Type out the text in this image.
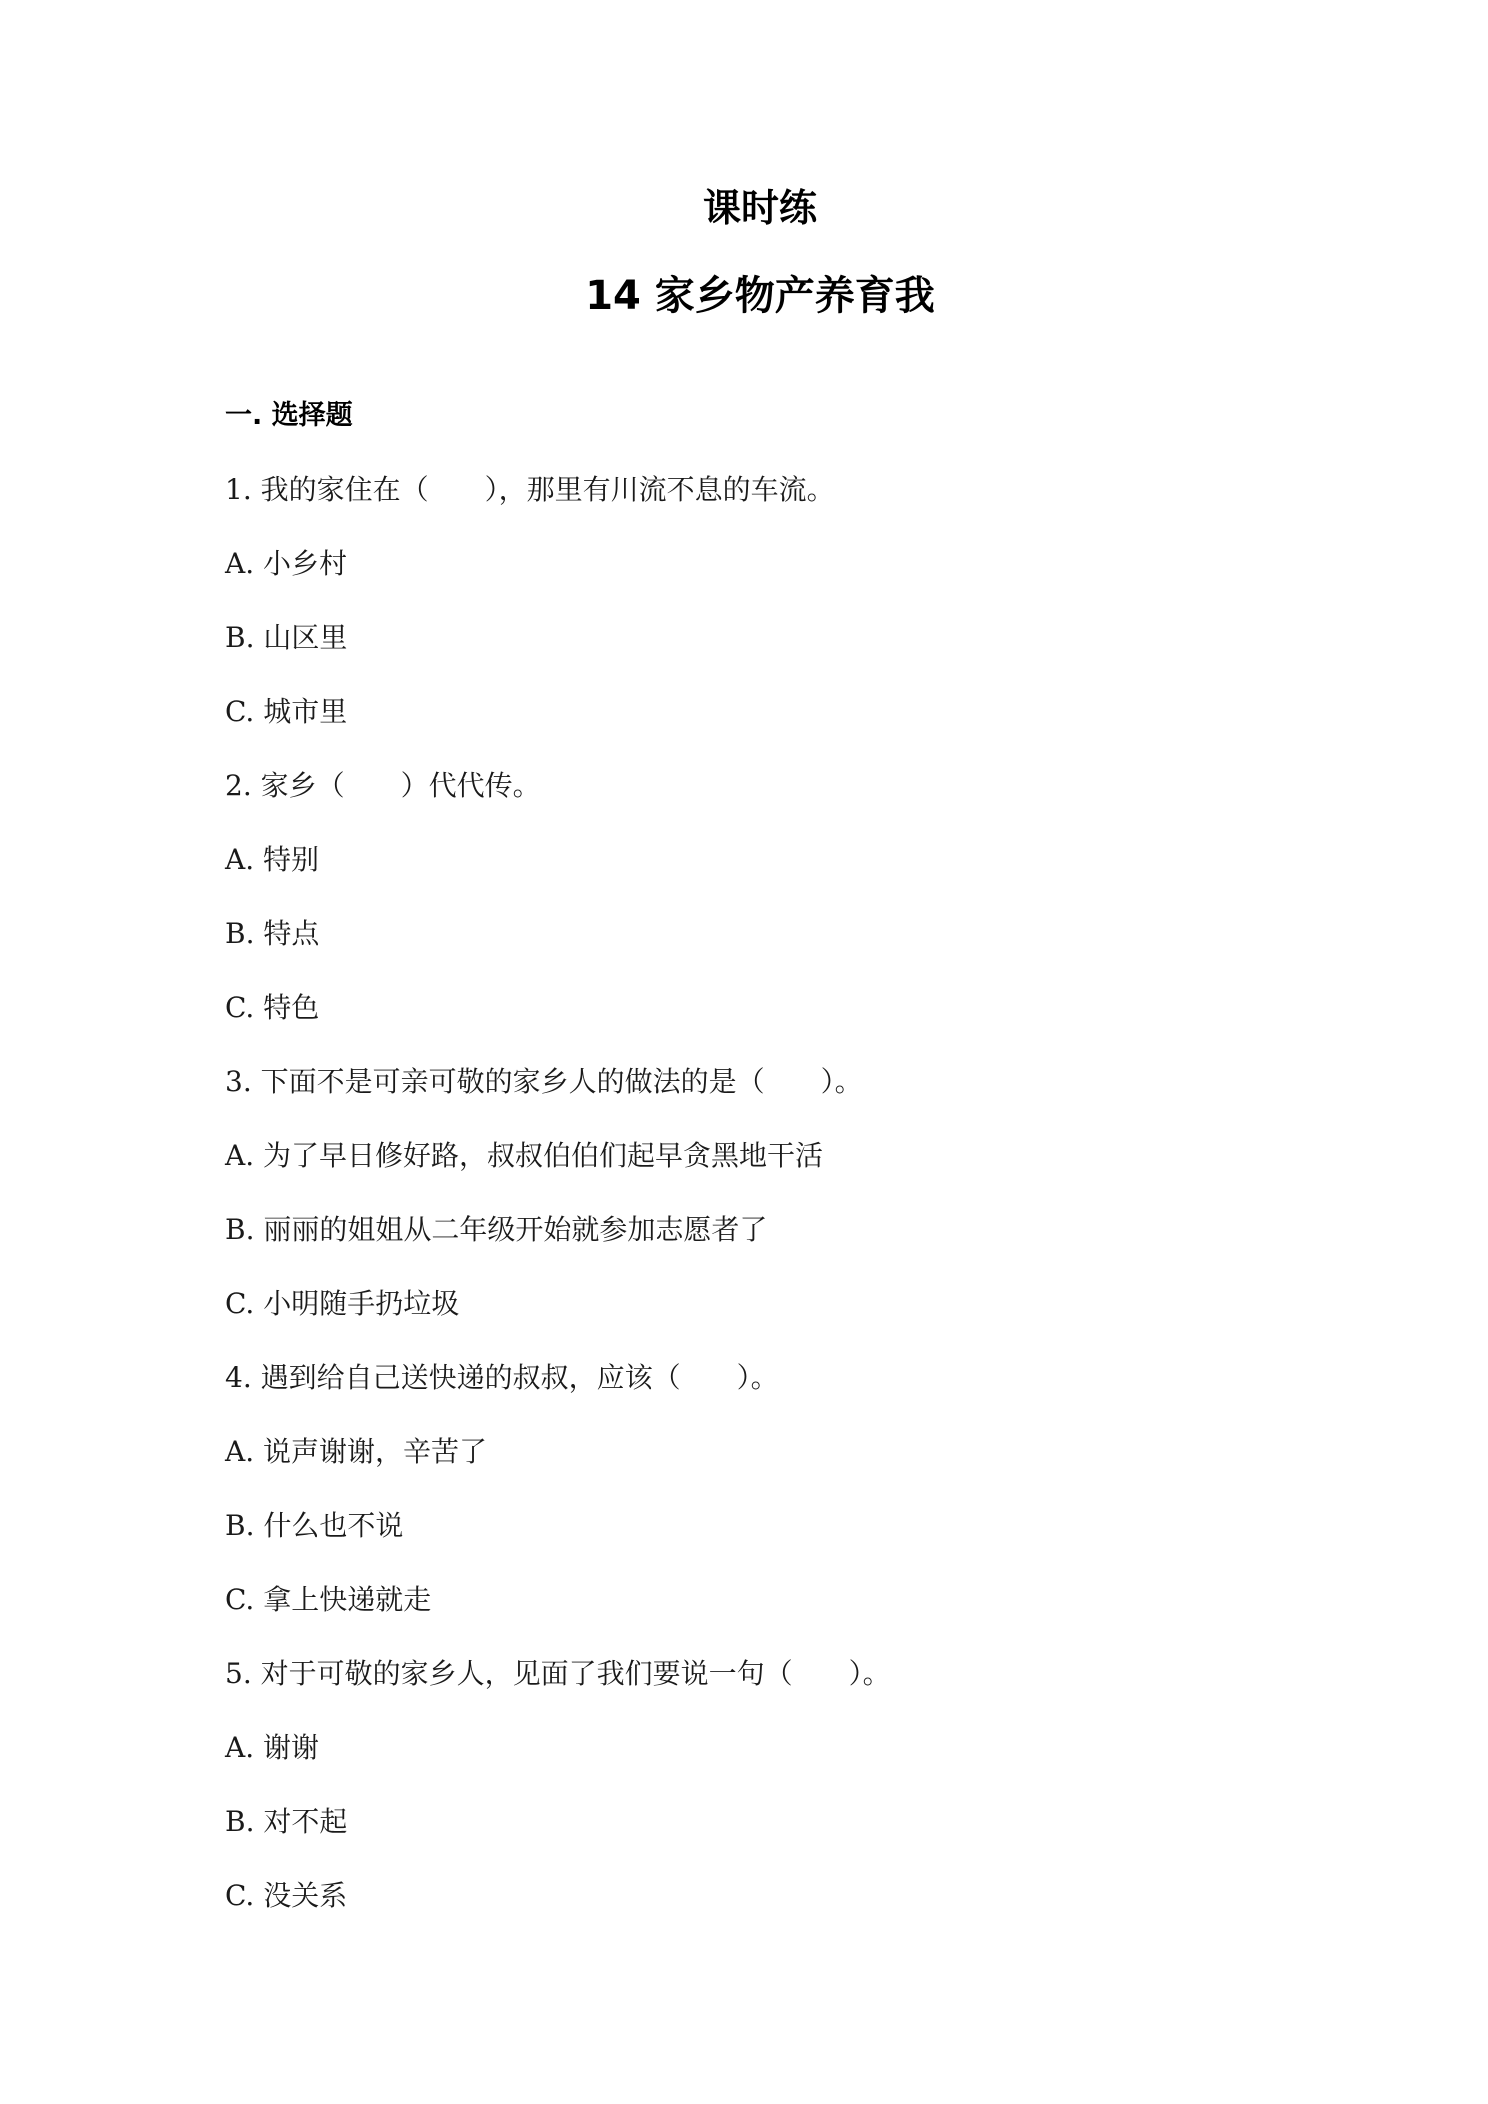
课时练
14 家乡物产养育我
一. 选择题
1. 我的家住在（　　），那里有川流不息的车流。
A. 小乡村
B. 山区里
C. 城市里
2. 家乡（　　）代代传。
A. 特别
B. 特点
C. 特色
3. 下面不是可亲可敬的家乡人的做法的是（　　）。
A. 为了早日修好路，叔叔伯伯们起早贪黑地干活
B. 丽丽的姐姐从二年级开始就参加志愿者了
C. 小明随手扔垃圾
4. 遇到给自己送快递的叔叔，应该（　　）。
A. 说声谢谢，辛苦了
B. 什么也不说
C. 拿上快递就走
5. 对于可敬的家乡人，见面了我们要说一句（　　）。
A. 谢谢
B. 对不起
C. 没关系
